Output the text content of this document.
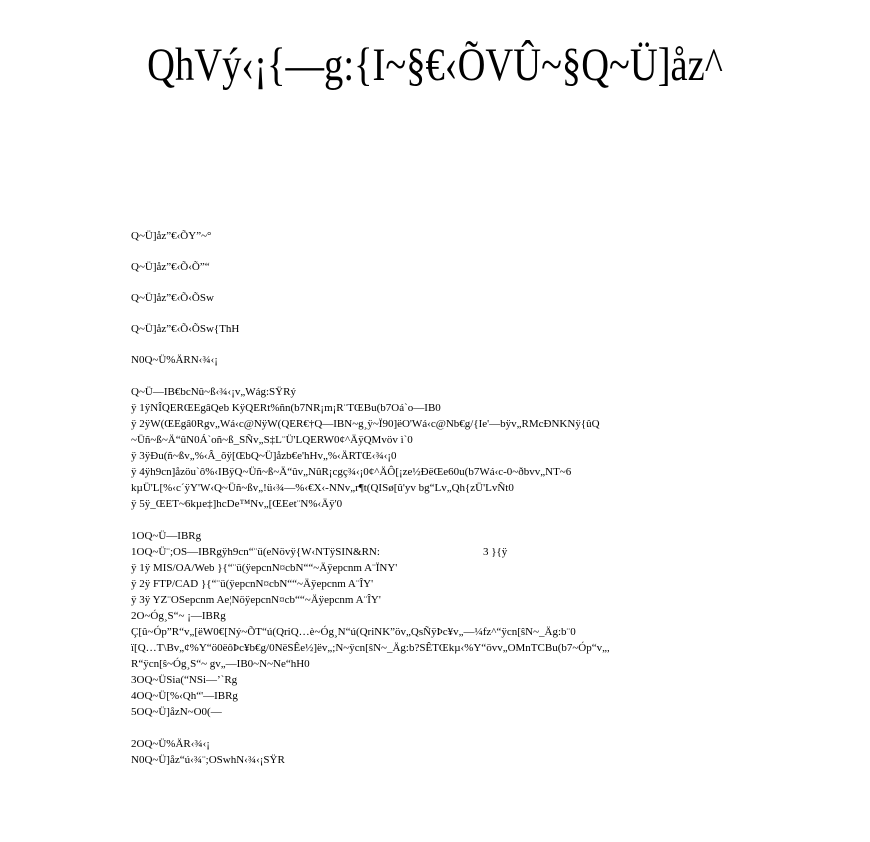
QhVý‹¡{—g:{I~§€‹ÕVÛ~§Q~Ü]åz^
Q~Ü]åz”€‹ÕY”~°
Q~Ü]åz”€‹Õ‹Õ”“
Q~Ü]åz”€‹Õ‹ÕSw
Q~Ü]åz”€‹Õ‹ÕSw{ThH
N0Q~Ü%ÄRN‹¾‹¡
Q~Ü—IB€bcNû~ß‹¾‹¡v„Wág:SŸRý
ÿ 1ÿNÎQERŒEgâQeb KÿQERt%ñn(b7NR¡m¡R¨TŒBu(b7Oá`o—IB0
ÿ 2ÿW(ŒEgâ0Rgv„Wá‹c@NÿW(QER€†Q—IBN~g¸ÿ~Ï90]ëO'Wá‹c@Nb€g/{Ie'—bÿv„RMcÐNKNÿ{ûQ
~Üñ~ß~Ä“ûN0Á`oñ~ß_SÑv„S‡L¨Ü'LQERW0¢^ÄÿQMvöv ì`0
ÿ 3ÿÐu(ñ~ßv„%‹Â_õÿ[ŒbQ~Ü]åzb€e'hHv„%‹ÄRTŒ‹¾‹¡0
ÿ 4ÿh9cn]åzöu`ô%‹IBÿQ~Üñ~ß~Ä“ûv„NûR¡cgç¾‹¡0¢^ÄÔ[¡ze½ÐëŒe60u(b7Wá‹c-0~ðbvv„NT~6
kµÜ'L[%‹c´ÿY'W‹Q~Üñ~ßv„!ü‹¾—%‹€X‹-NNv„r¶t(QISø[û'yv bg“Lv„Qh{zÜ'LvÑt0
ÿ 5ÿ_ŒET~6kµe‡]hcDe™Nv„[ŒEet¨N%‹Äÿ'0
1OQ~Ü—IBRg
1OQ~Ü¨;OS—IBRgÿh9cn“¨ü(eNövÿ{W‹NTÿSIN&RN:	3 }{ÿ
ÿ 1ÿ MIS/OA/Web }{“¨ü(ÿepcnN¤cbN““~Äÿepcnm A¨ÏNY'
ÿ 2ÿ FTP/CAD }{“¨ü(ÿepcnN¤cbN““~Äÿepcnm A¨ÎY'
ÿ 3ÿ YZ¨OSepcnm Ae¦NöÿepcnN¤cb““~Äÿepcnm A¨ÎY'
2O~Óg¸S“~ ¡—IBRg
Ç[û~Óp”R“v„[ëW0€[Ný~ÕT“ú(QriQ…è~Óg¸N“ú(QriNK”öv„QsÑÿÞc¥v„—¼fz^“ÿcn[ŝN~_Äg:b¨0
ï[Q…T\Bv„¢%Y“ö0ëôÞc¥b€g/0NëSÊe½]ëv„;N~ÿcn[ŝN~_Äg:b?SÊTŒkµ‹%Y“övv„OMnTCBu(b7~Óp“v„,
R“ÿcn[ŝ~Óg¸S“~ gv„—IB0~N~Ne“hH0
3OQ~ÜSia(“NSi—’`Rg
4OQ~Ü[%‹Qh“'—IBRg
5OQ~Ü]åzN~O0(—
2OQ~Ü%ÄR‹¾‹¡
N0Q~Ü]åz“ú‹¾¨;OSwhN‹¾‹¡SŸR
